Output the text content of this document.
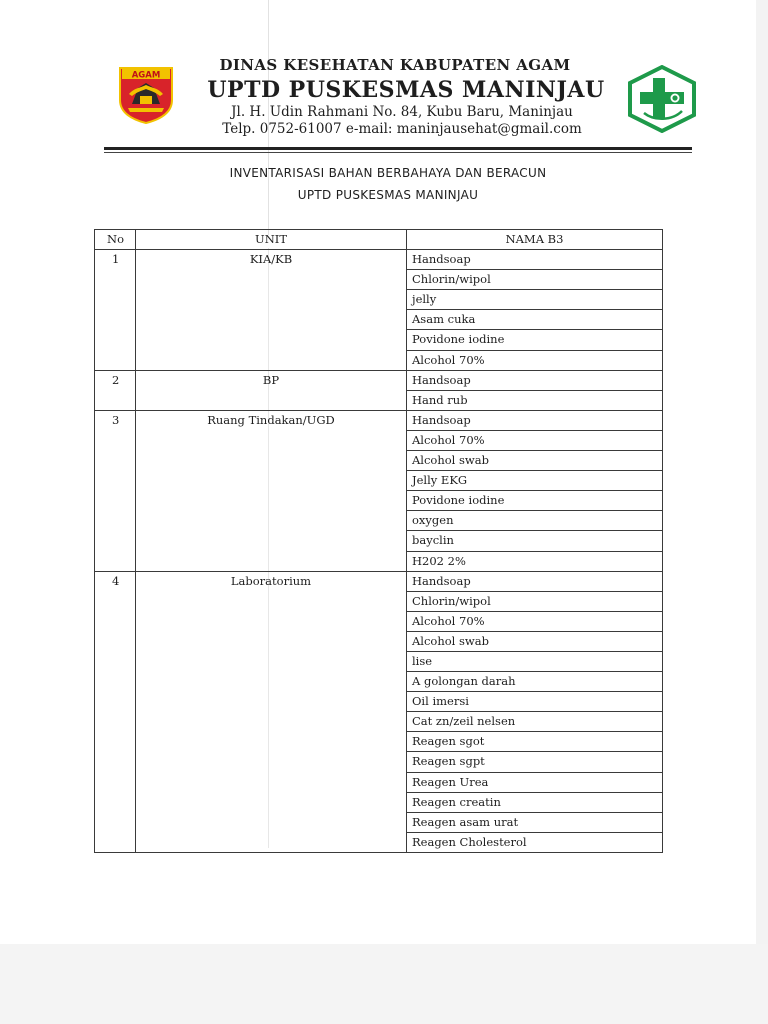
AGAM
DINAS KESEHATAN KABUPATEN AGAM
UPTD PUSKESMAS MANINJAU
Jl. H. Udin Rahmani No. 84, Kubu Baru, Maninjau
Telp. 0752-61007 e-mail: maninjausehat@gmail.com
INVENTARISASI BAHAN BERBAHAYA DAN BERACUN
UPTD PUSKESMAS MANINJAU
No	UNIT	NAMA B3
1	KIA/KB	Handsoap
		Chlorin/wipol
		jelly
		Asam cuka
		Povidone iodine
		Alcohol 70%
2	BP	Handsoap
		Hand rub
3	Ruang Tindakan/UGD	Handsoap
		Alcohol 70%
		Alcohol swab
		Jelly EKG
		Povidone iodine
		oxygen
		bayclin
		H202 2%
4	Laboratorium	Handsoap
		Chlorin/wipol
		Alcohol 70%
		Alcohol swab
		lise
		A golongan darah
		Oil imersi
		Cat zn/zeil nelsen
		Reagen sgot
		Reagen sgpt
		Reagen Urea
		Reagen creatin
		Reagen asam urat
		Reagen Cholesterol
